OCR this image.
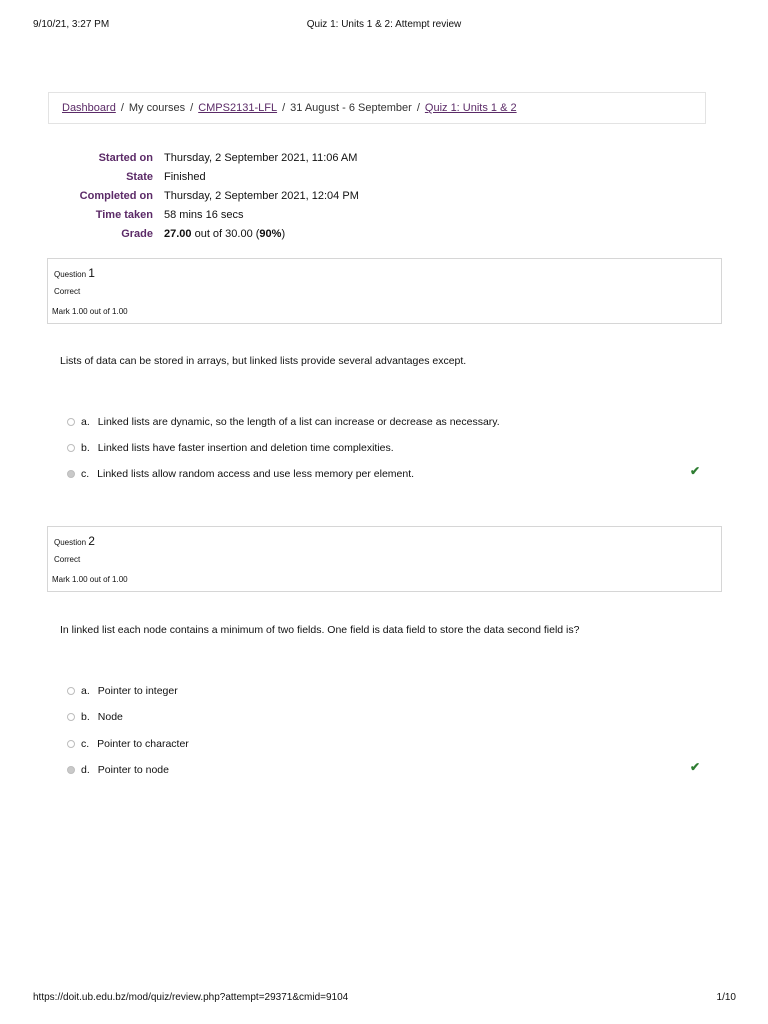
9/10/21, 3:27 PM	Quiz 1: Units 1 & 2: Attempt review
Dashboard / My courses / CMPS2131-LFL / 31 August - 6 September / Quiz 1: Units 1 & 2
Started on Thursday, 2 September 2021, 11:06 AM
State Finished
Completed on Thursday, 2 September 2021, 12:04 PM
Time taken 58 mins 16 secs
Grade 27.00 out of 30.00 (90%)
Question 1
Correct
Mark 1.00 out of 1.00
Lists of data can be stored in arrays, but linked lists provide several advantages except.
a. Linked lists are dynamic, so the length of a list can increase or decrease as necessary.
b. Linked lists have faster insertion and deletion time complexities.
c. Linked lists allow random access and use less memory per element.	✔
Question 2
Correct
Mark 1.00 out of 1.00
In linked list each node contains a minimum of two fields. One field is data field to store the data second field is?
a. Pointer to integer
b. Node
c. Pointer to character
d. Pointer to node	✔
https://doit.ub.edu.bz/mod/quiz/review.php?attempt=29371&cmid=9104	1/10
